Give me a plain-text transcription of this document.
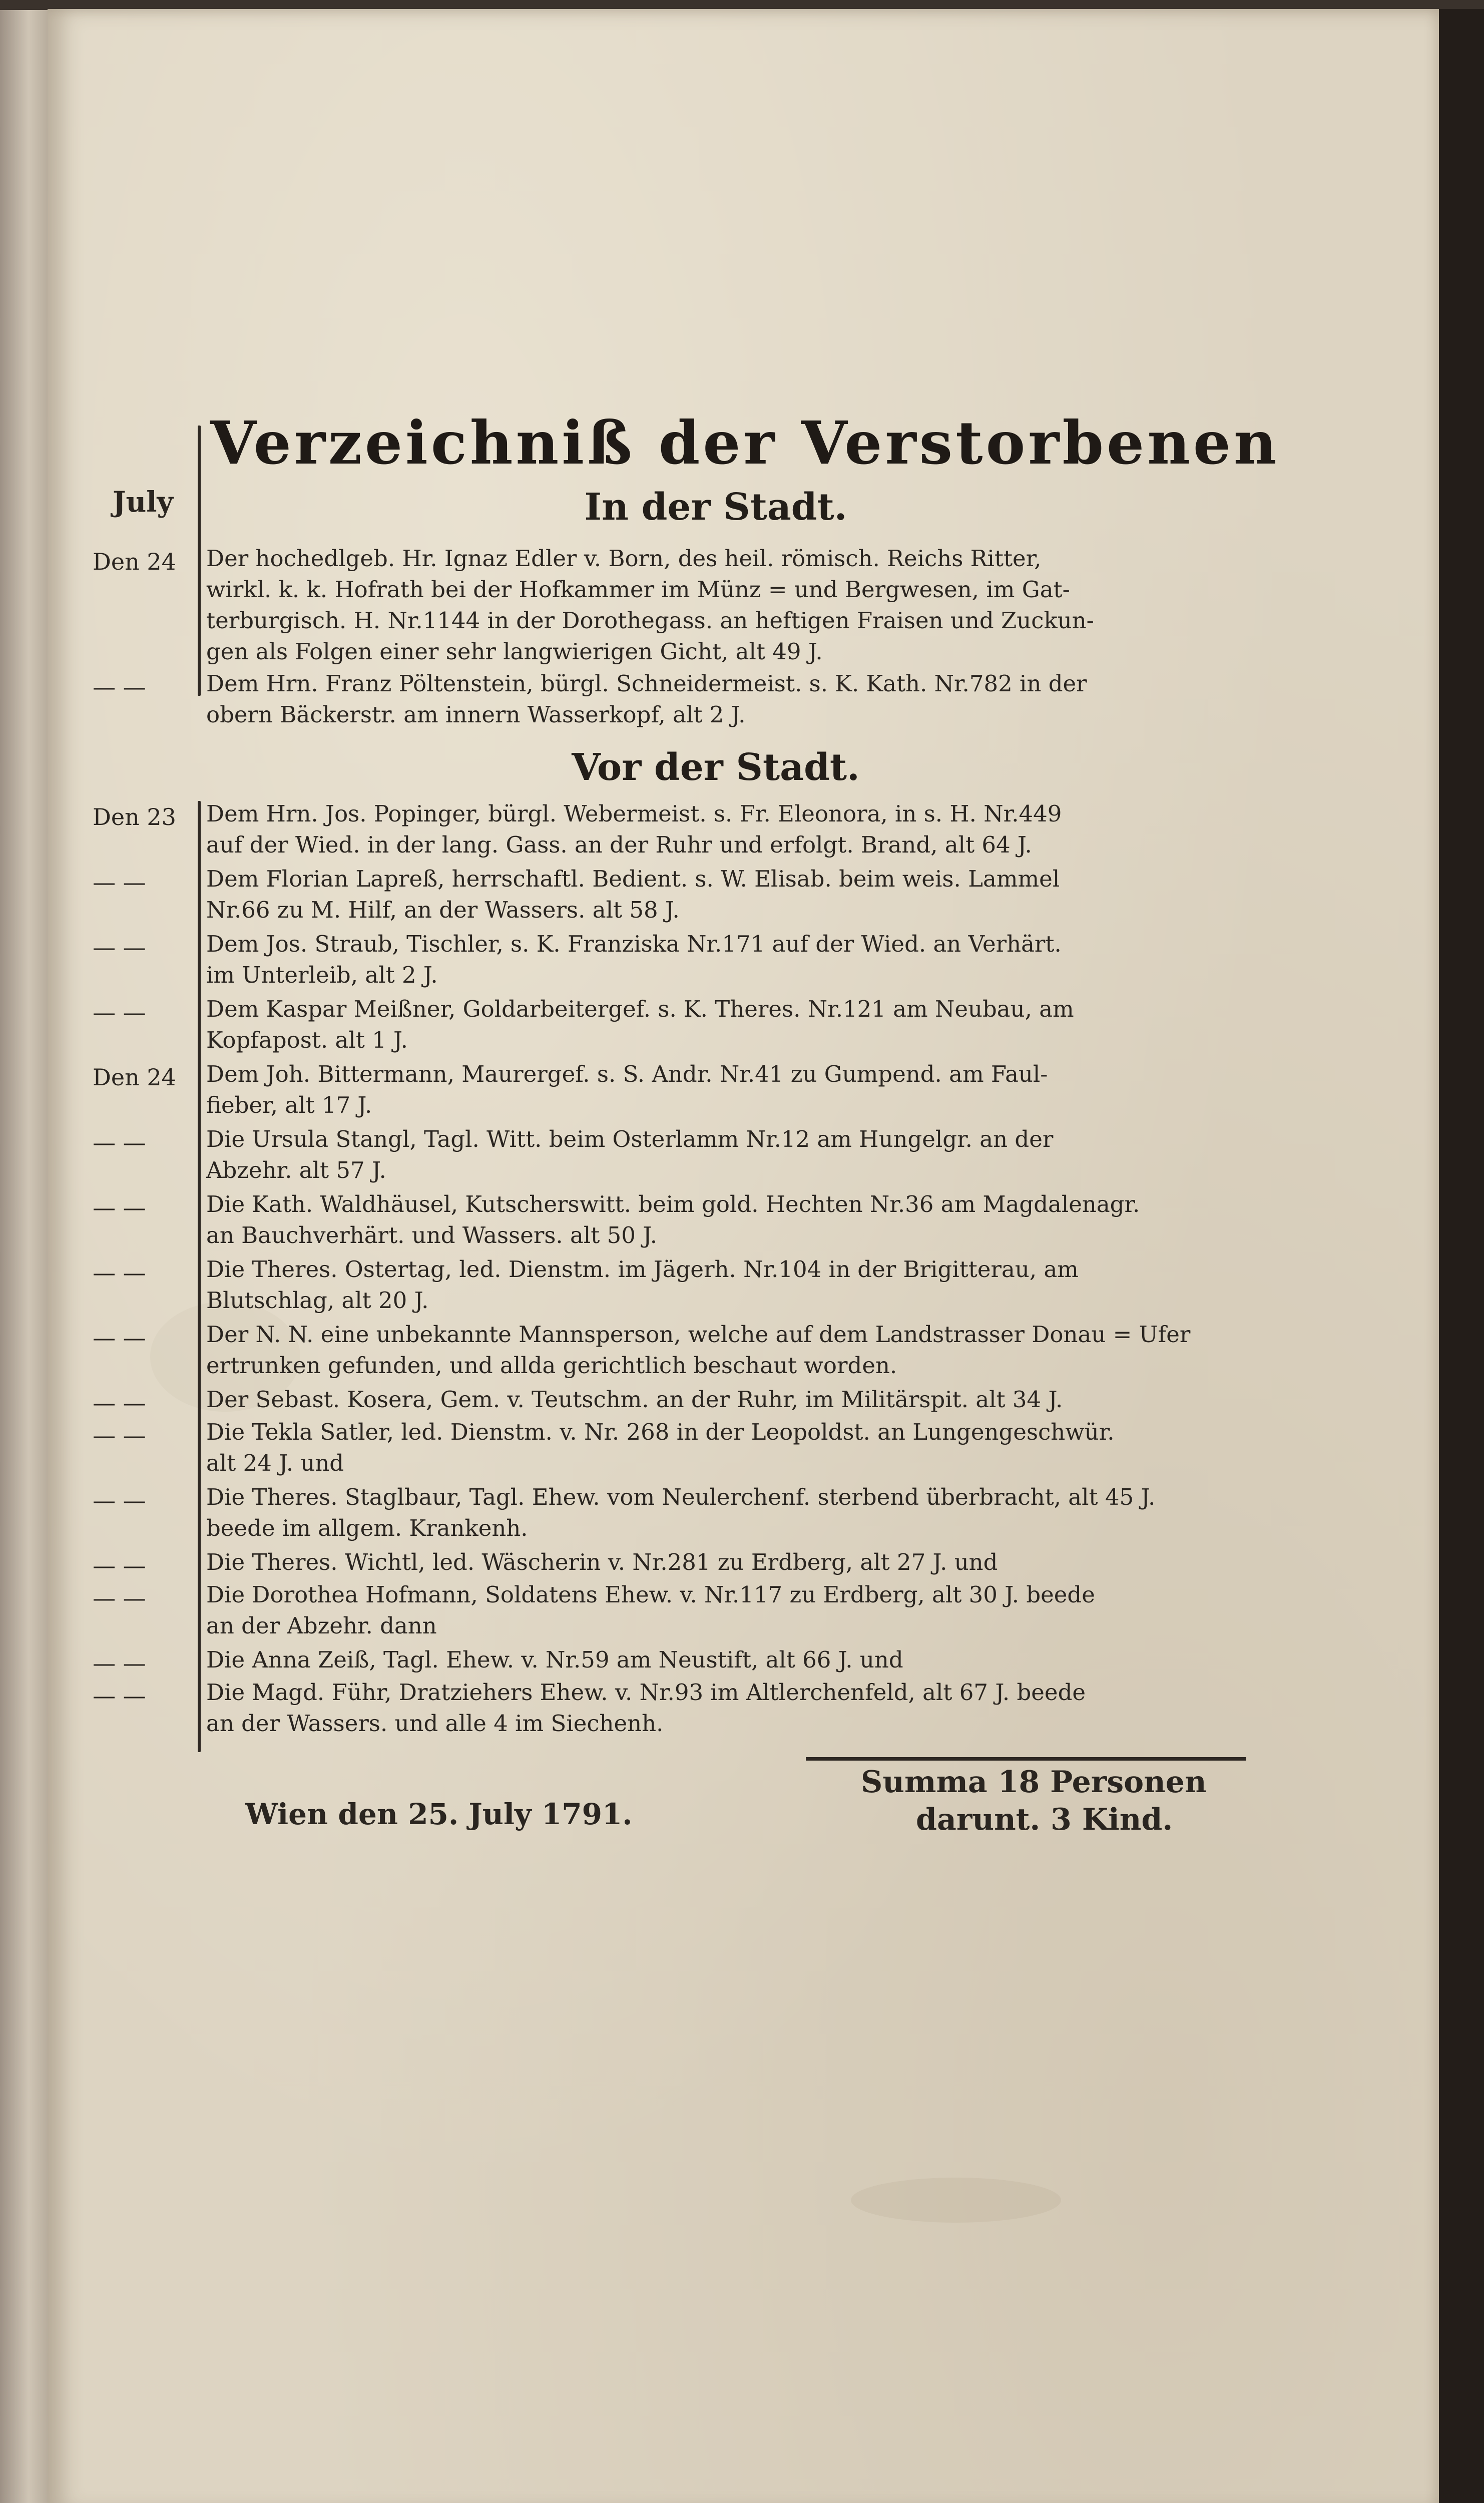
Verzeichniß der Verstorbenen
July	In der Stadt.
Vor der Stadt.
Den 24
— —
Den 23
— —
— —
— —
Den 24
— —
— —
— —
— —
— —
— —
— —
— —
— —
— —
— —
Der hochedlgeb. Hr. Ignaz Edler v. Born, des heil. römisch. Reichs Ritter,
wirkl. k. k. Hofrath bei der Hofkammer im Münz = und Bergwesen, im Gat-
terburgisch. H. Nr.1144 in der Dorothegass. an heftigen Fraisen und Zuckun-
gen als Folgen einer sehr langwierigen Gicht, alt 49 J.
Dem Hrn. Franz Pöltenstein, bürgl. Schneidermeist. s. K. Kath. Nr.782 in der
obern Bäckerstr. am innern Wasserkopf, alt 2 J.
Dem Hrn. Jos. Popinger, bürgl. Webermeist. s. Fr. Eleonora, in s. H. Nr.449
auf der Wied. in der lang. Gass. an der Ruhr und erfolgt. Brand, alt 64 J.
Dem Florian Lapreß, herrschaftl. Bedient. s. W. Elisab. beim weis. Lammel
Nr.66 zu M. Hilf, an der Wassers. alt 58 J.
Dem Jos. Straub, Tischler, s. K. Franziska Nr.171 auf der Wied. an Verhärt.
im Unterleib, alt 2 J.
Dem Kaspar Meißner, Goldarbeitergef. s. K. Theres. Nr.121 am Neubau, am
Kopfapost. alt 1 J.
Dem Joh. Bittermann, Maurergef. s. S. Andr. Nr.41 zu Gumpend. am Faul-
fieber, alt 17 J.
Die Ursula Stangl, Tagl. Witt. beim Osterlamm Nr.12 am Hungelgr. an der
Abzehr. alt 57 J.
Die Kath. Waldhäusel, Kutscherswitt. beim gold. Hechten Nr.36 am Magdalenagr.
an Bauchverhärt. und Wassers. alt 50 J.
Die Theres. Ostertag, led. Dienstm. im Jägerh. Nr.104 in der Brigitterau, am
Blutschlag, alt 20 J.
Der N. N. eine unbekannte Mannsperson, welche auf dem Landstrasser Donau = Ufer
ertrunken gefunden, und allda gerichtlich beschaut worden.
Der Sebast. Kosera, Gem. v. Teutschm. an der Ruhr, im Militärspit. alt 34 J.
Die Tekla Satler, led. Dienstm. v. Nr. 268 in der Leopoldst. an Lungengeschwür.
alt 24 J. und
Die Theres. Staglbaur, Tagl. Ehew. vom Neulerchenf. sterbend überbracht, alt 45 J.
beede im allgem. Krankenh.
Die Theres. Wichtl, led. Wäscherin v. Nr.281 zu Erdberg, alt 27 J. und
Die Dorothea Hofmann, Soldatens Ehew. v. Nr.117 zu Erdberg, alt 30 J. beede
an der Abzehr. dann
Die Anna Zeiß, Tagl. Ehew. v. Nr.59 am Neustift, alt 66 J. und
Die Magd. Führ, Dratziehers Ehew. v. Nr.93 im Altlerchenfeld, alt 67 J. beede
an der Wassers. und alle 4 im Siechenh.
Summa 18 Personen
darunt. 3 Kind.
Wien den 25. July 1791.
